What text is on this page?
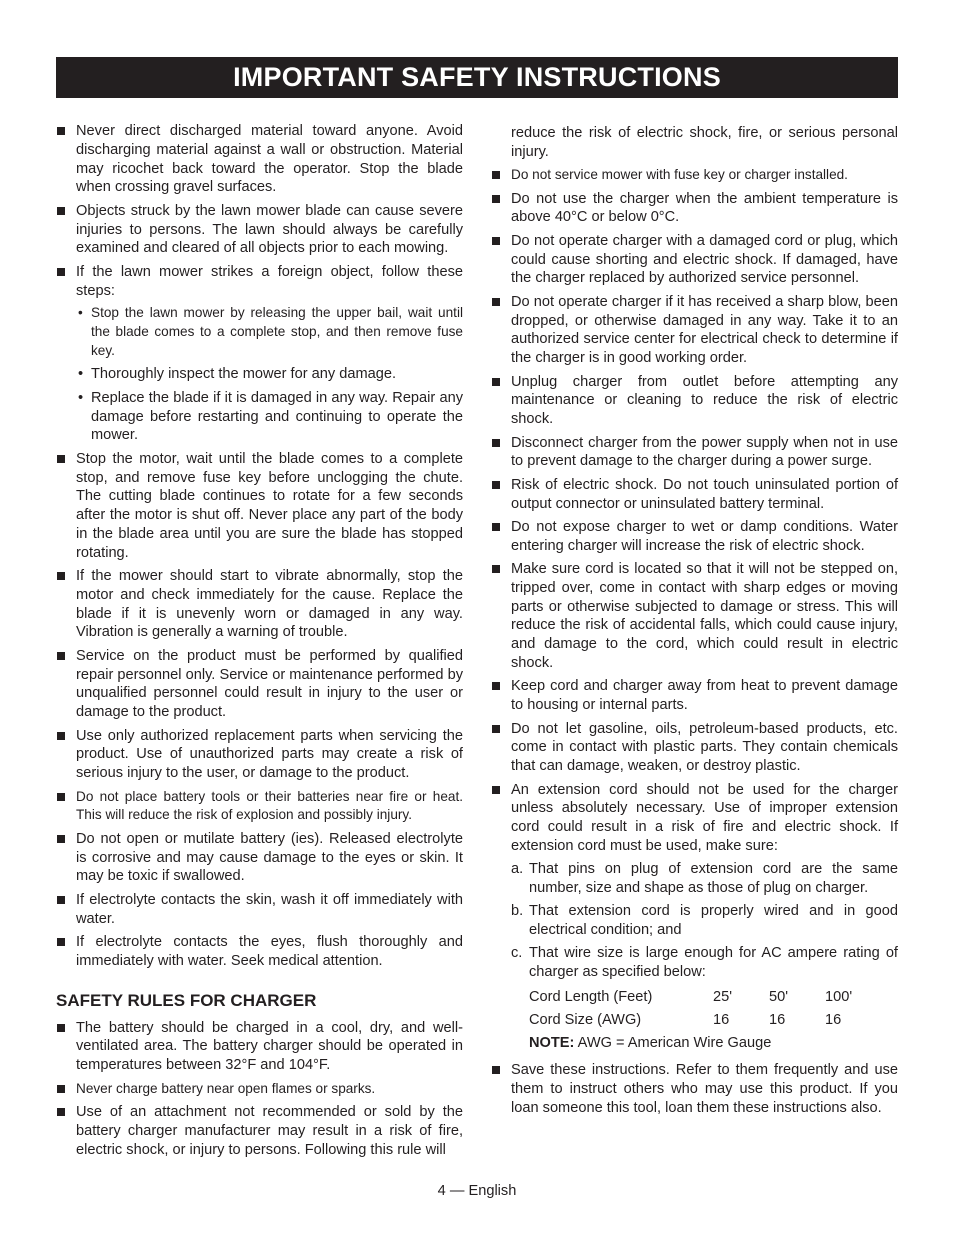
IMPORTANT SAFETY INSTRUCTIONS
Never direct discharged material toward anyone. Avoid discharging material against a wall or obstruction. Material may ricochet back toward the operator. Stop the blade when crossing gravel surfaces.
Objects struck by the lawn mower blade can cause severe injuries to persons. The lawn should always be carefully examined and cleared of all objects prior to each mowing.
If the lawn mower strikes a foreign object, follow these steps:
• Stop the lawn mower by releasing the upper bail, wait until the blade comes to a complete stop, and then remove fuse key.
• Thoroughly inspect the mower for any damage.
• Replace the blade if it is damaged in any way. Repair any damage before restarting and continuing to operate the mower.
Stop the motor, wait until the blade comes to a complete stop, and remove fuse key before unclogging the chute. The cutting blade continues to rotate for a few seconds after the motor is shut off. Never place any part of the body in the blade area until you are sure the blade has stopped rotating.
If the mower should start to vibrate abnormally, stop the motor and check immediately for the cause. Replace the blade if it is unevenly worn or damaged in any way. Vibration is generally a warning of trouble.
Service on the product must be performed by qualified repair personnel only. Service or maintenance performed by unqualified personnel could result in injury to the user or damage to the product.
Use only authorized replacement parts when servicing the product. Use of unauthorized parts may create a risk of serious injury to the user, or damage to the product.
Do not place battery tools or their batteries near fire or heat. This will reduce the risk of explosion and possibly injury.
Do not open or mutilate battery (ies). Released electrolyte is corrosive and may cause damage to the eyes or skin. It may be toxic if swallowed.
If electrolyte contacts the skin, wash it off immediately with water.
If electrolyte contacts the eyes, flush thoroughly and immediately with water. Seek medical attention.
SAFETY RULES FOR CHARGER
The battery should be charged in a cool, dry, and well-ventilated area. The battery charger should be operated in temperatures between 32°F and 104°F.
Never charge battery near open flames or sparks.
Use of an attachment not recommended or sold by the battery charger manufacturer may result in a risk of fire, electric shock, or injury to persons. Following this rule will
reduce the risk of electric shock, fire, or serious personal injury.
Do not service mower with fuse key or charger installed.
Do not use the charger when the ambient temperature is above 40°C or below 0°C.
Do not operate charger with a damaged cord or plug, which could cause shorting and electric shock. If damaged, have the charger replaced by authorized service personnel.
Do not operate charger if it has received a sharp blow, been dropped, or otherwise damaged in any way. Take it to an authorized service center for electrical check to determine if the charger is in good working order.
Unplug charger from outlet before attempting any maintenance or cleaning to reduce the risk of electric shock.
Disconnect charger from the power supply when not in use to prevent damage to the charger during a power surge.
Risk of electric shock. Do not touch uninsulated portion of output connector or uninsulated battery terminal.
Do not expose charger to wet or damp conditions. Water entering charger will increase the risk of electric shock.
Make sure cord is located so that it will not be stepped on, tripped over, come in contact with sharp edges or moving parts or otherwise subjected to damage or stress. This will reduce the risk of accidental falls, which could cause injury, and damage to the cord, which could result in electric shock.
Keep cord and charger away from heat to prevent damage to housing or internal parts.
Do not let gasoline, oils, petroleum-based products, etc. come in contact with plastic parts. They contain chemicals that can damage, weaken, or destroy plastic.
An extension cord should not be used for the charger unless absolutely necessary. Use of improper extension cord could result in a risk of fire and electric shock. If extension cord must be used, make sure:
a. That pins on plug of extension cord are the same number, size and shape as those of plug on charger.
b. That extension cord is properly wired and in good electrical condition; and
c. That wire size is large enough for AC ampere rating of charger as specified below:
Cord Length (Feet)	25'	50'	100'
Cord Size (AWG)	16	16	16
NOTE: AWG = American Wire Gauge
Save these instructions. Refer to them frequently and use them to instruct others who may use this product. If you loan someone this tool, loan them these instructions also.
4 — English
